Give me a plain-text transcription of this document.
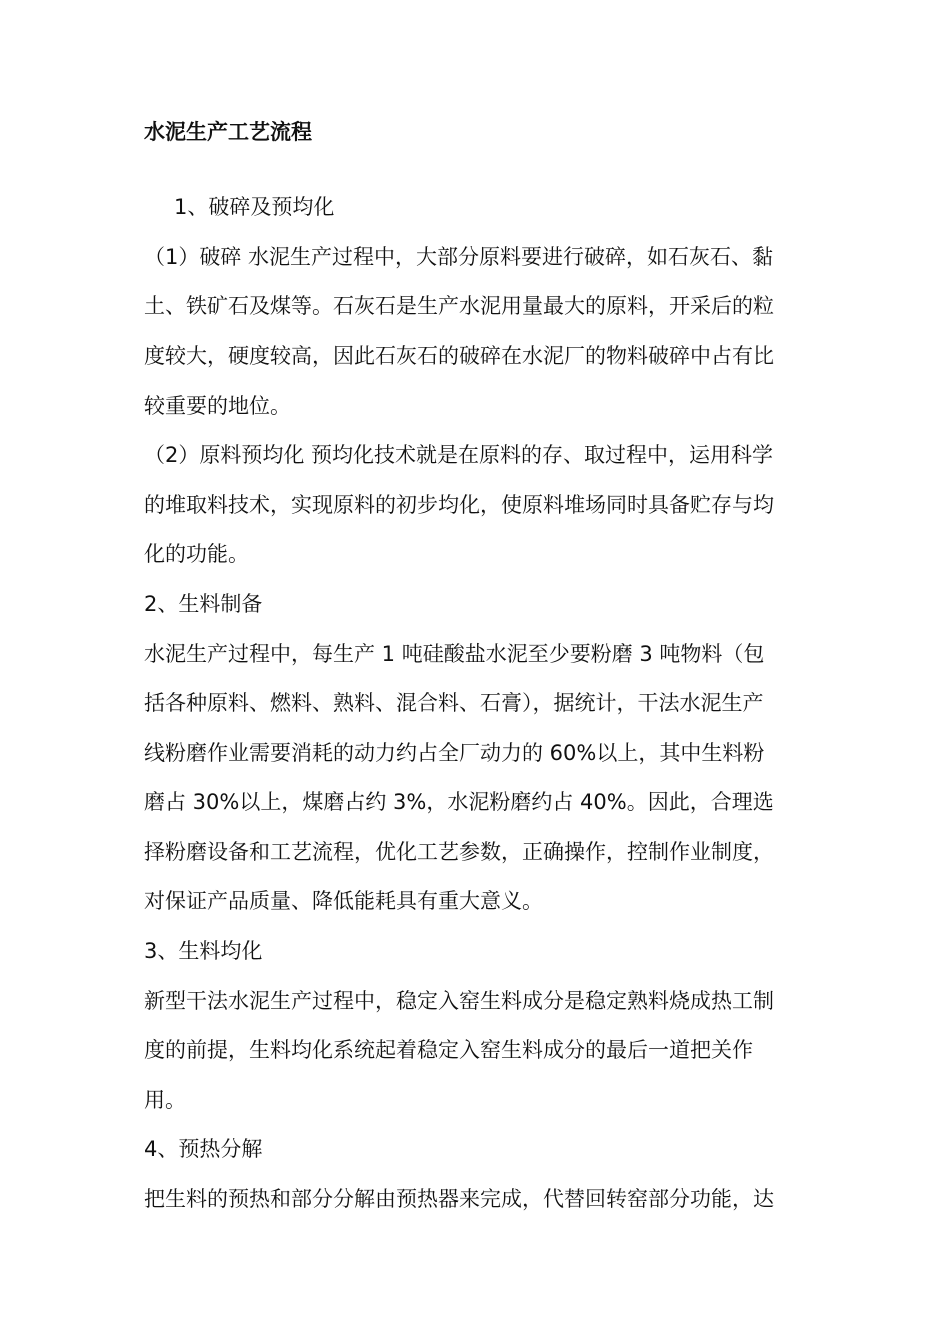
水泥生产工艺流程
1、破碎及预均化
（1）破碎 水泥生产过程中，大部分原料要进行破碎，如石灰石、黏
土、铁矿石及煤等。石灰石是生产水泥用量最大的原料，开采后的粒
度较大，硬度较高，因此石灰石的破碎在水泥厂的物料破碎中占有比
较重要的地位。
（2）原料预均化 预均化技术就是在原料的存、取过程中，运用科学
的堆取料技术，实现原料的初步均化，使原料堆场同时具备贮存与均
化的功能。
2、生料制备
水泥生产过程中，每生产 1 吨硅酸盐水泥至少要粉磨 3 吨物料（包
括各种原料、燃料、熟料、混合料、石膏），据统计，干法水泥生产
线粉磨作业需要消耗的动力约占全厂动力的 60%以上，其中生料粉
磨占 30%以上，煤磨占约 3%，水泥粉磨约占 40%。因此，合理选
择粉磨设备和工艺流程，优化工艺参数，正确操作，控制作业制度，
对保证产品质量、降低能耗具有重大意义。
3、生料均化
新型干法水泥生产过程中，稳定入窑生料成分是稳定熟料烧成热工制
度的前提，生料均化系统起着稳定入窑生料成分的最后一道把关作
用。
4、预热分解
把生料的预热和部分分解由预热器来完成，代替回转窑部分功能，达
